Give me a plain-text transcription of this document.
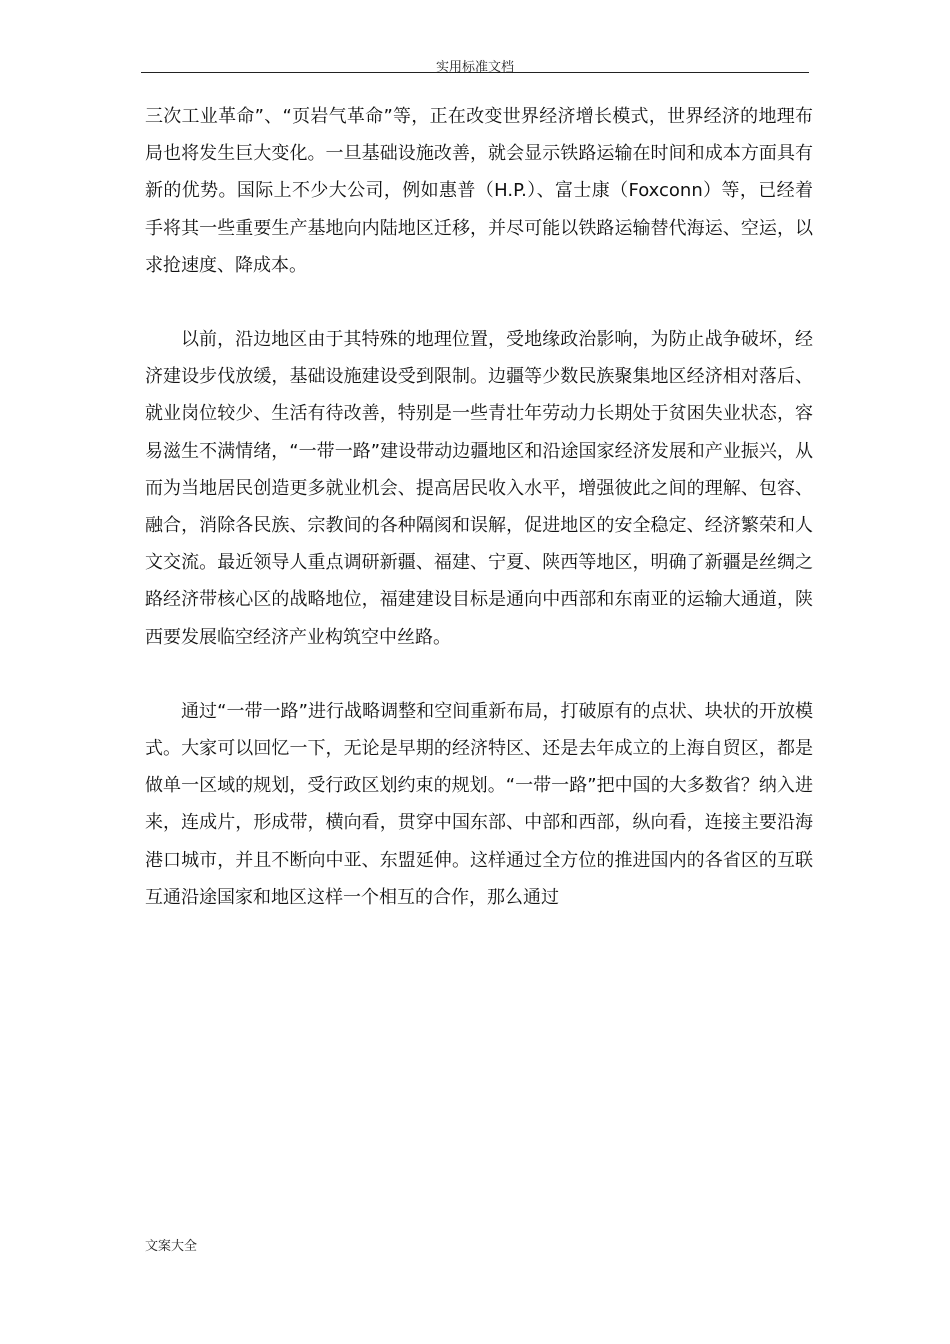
实用标准文档

三次工业革命”、“页岩气革命”等，正在改变世界经济增长模式，世界经济的地理布局也将发生巨大变化。一旦基础设施改善，就会显示铁路运输在时间和成本方面具有新的优势。国际上不少大公司，例如惠普（H.P.）、富士康（Foxconn）等，已经着手将其一些重要生产基地向内陆地区迁移，并尽可能以铁路运输替代海运、空运，以求抢速度、降成本。

以前，沿边地区由于其特殊的地理位置，受地缘政治影响，为防止战争破坏，经济建设步伐放缓，基础设施建设受到限制。边疆等少数民族聚集地区经济相对落后、就业岗位较少、生活有待改善，特别是一些青壮年劳动力长期处于贫困失业状态，容易滋生不满情绪，“一带一路”建设带动边疆地区和沿途国家经济发展和产业振兴，从而为当地居民创造更多就业机会、提高居民收入水平，增强彼此之间的理解、包容、融合，消除各民族、宗教间的各种隔阂和误解，促进地区的安全稳定、经济繁荣和人文交流。最近领导人重点调研新疆、福建、宁夏、陕西等地区，明确了新疆是丝绸之路经济带核心区的战略地位，福建建设目标是通向中西部和东南亚的运输大通道，陕西要发展临空经济产业构筑空中丝路。

通过“一带一路”进行战略调整和空间重新布局，打破原有的点状、块状的开放模式。大家可以回忆一下，无论是早期的经济特区、还是去年成立的上海自贸区，都是做单一区域的规划，受行政区划约束的规划。“一带一路”把中国的大多数省？纳入进来，连成片，形成带，横向看，贯穿中国东部、中部和西部，纵向看，连接主要沿海港口城市，并且不断向中亚、东盟延伸。这样通过全方位的推进国内的各省区的互联互通沿途国家和地区这样一个相互的合作，那么通过

文案大全
